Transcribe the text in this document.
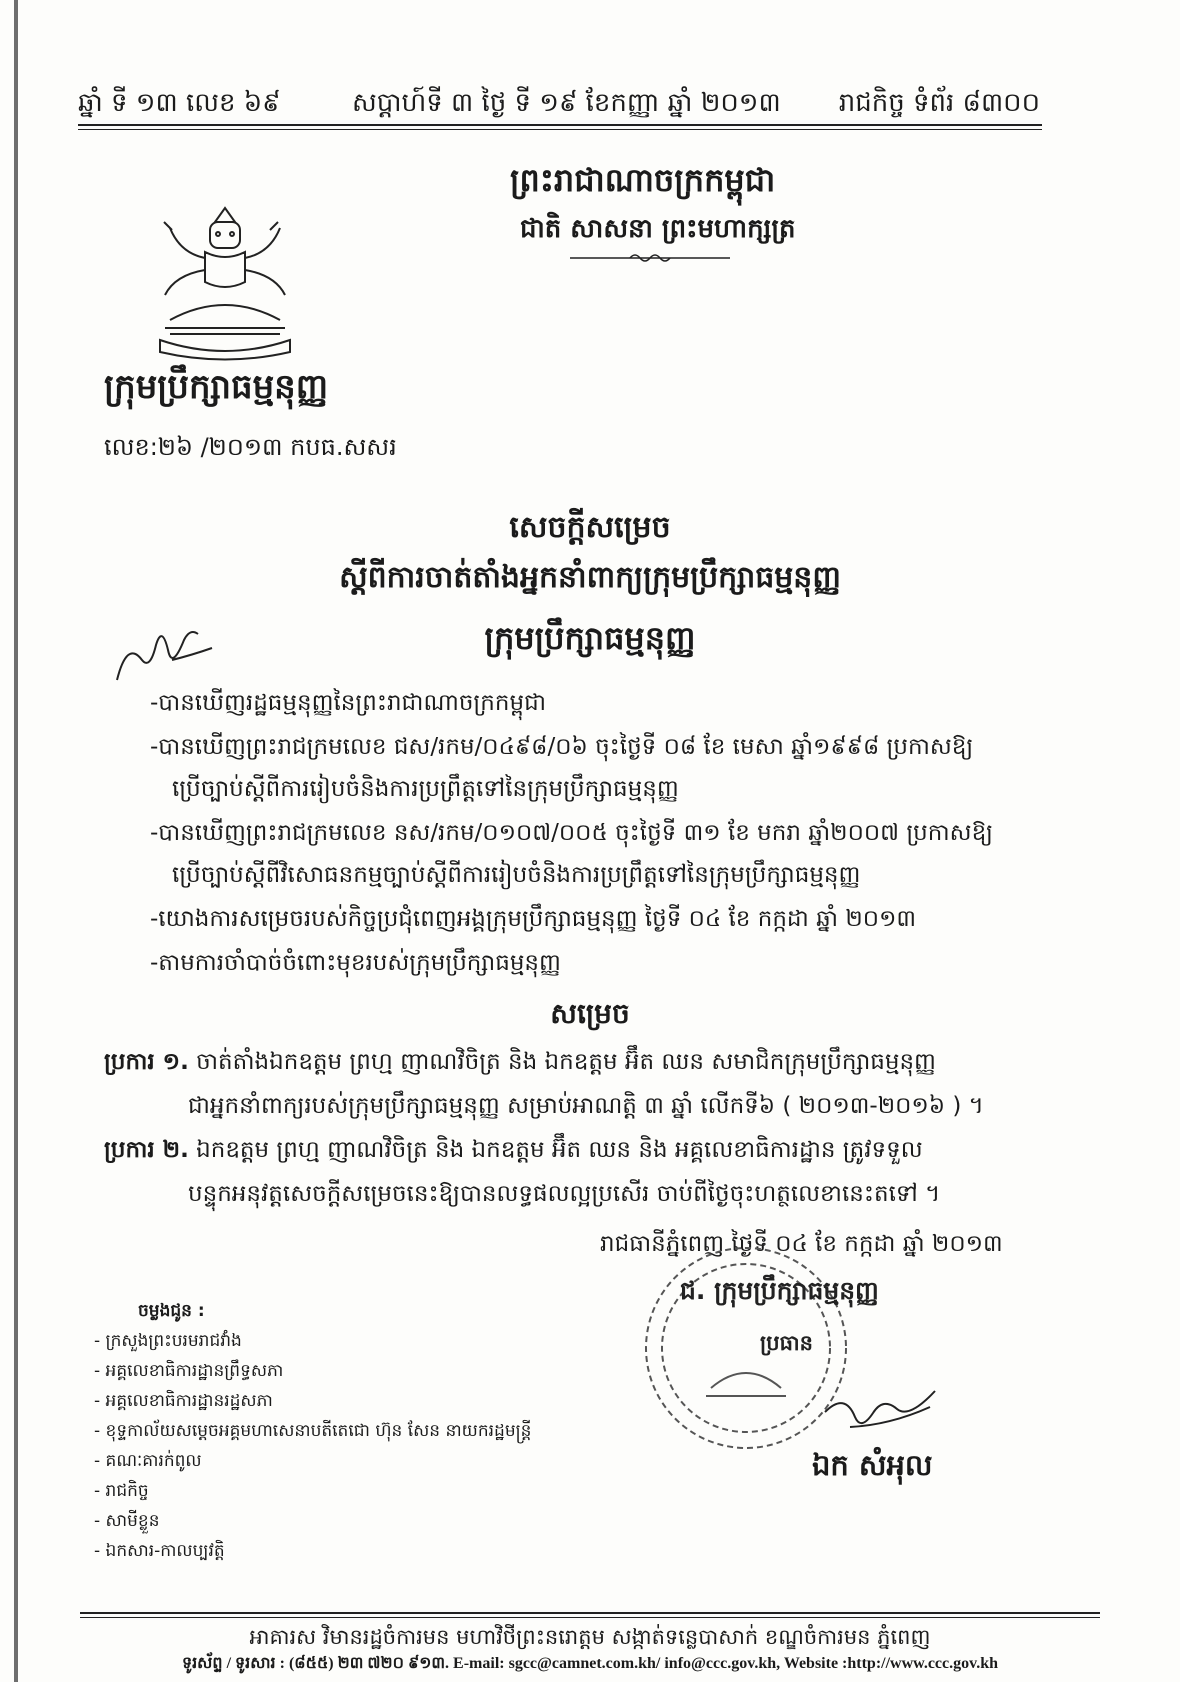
ឆ្នាំ ទី ១៣ លេខ ៦៩	សប្តាហ៍ទី ៣ ថ្ងៃ ទី ១៩ ខែកញ្ញា ឆ្នាំ ២០១៣ រាជកិច្ច ទំព័រ ៨៣០០
ព្រះរាជាណាចក្រកម្ពុជា
ជាតិ សាសនា ព្រះមហាក្សត្រ
ក្រុមប្រឹក្សាធម្មនុញ្ញ
លេខ:២៦ /២០១៣ កបធ.សសរ
សេចក្តីសម្រេច
ស្តីពីការចាត់តាំងអ្នកនាំពាក្យក្រុមប្រឹក្សាធម្មនុញ្ញ
ក្រុមប្រឹក្សាធម្មនុញ្ញ
-បានឃើញរដ្ឋធម្មនុញ្ញនៃព្រះរាជាណាចក្រកម្ពុជា
-បានឃើញព្រះរាជក្រមលេខ ជស/រកម/០៤៩៨/០៦ ចុះថ្ងៃទី ០៨ ខែ មេសា ឆ្នាំ១៩៩៨ ប្រកាសឱ្យ
ប្រើច្បាប់ស្តីពីការរៀបចំនិងការប្រព្រឹត្តទៅនៃក្រុមប្រឹក្សាធម្មនុញ្ញ
-បានឃើញព្រះរាជក្រមលេខ នស/រកម/០១០៧/០០៥ ចុះថ្ងៃទី ៣១ ខែ មករា ឆ្នាំ២០០៧ ប្រកាសឱ្យ
ប្រើច្បាប់ស្តីពីវិសោធនកម្មច្បាប់ស្តីពីការរៀបចំនិងការប្រព្រឹត្តទៅនៃក្រុមប្រឹក្សាធម្មនុញ្ញ
-យោងការសម្រេចរបស់កិច្ចប្រជុំពេញអង្គក្រុមប្រឹក្សាធម្មនុញ្ញ ថ្ងៃទី ០៤ ខែ កក្កដា ឆ្នាំ ២០១៣
-តាមការចាំបាច់ចំពោះមុខរបស់ក្រុមប្រឹក្សាធម្មនុញ្ញ
សម្រេច
ប្រការ ១. ចាត់តាំងឯកឧត្តម ព្រហ្ម ញាណវិចិត្រ និង ឯកឧត្តម អ៊ឹត ឈន សមាជិកក្រុមប្រឹក្សាធម្មនុញ្ញ
ជាអ្នកនាំពាក្យរបស់ក្រុមប្រឹក្សាធម្មនុញ្ញ សម្រាប់អាណត្តិ ៣ ឆ្នាំ លើកទី៦ ( ២០១៣-២០១៦ ) ។
ប្រការ ២. ឯកឧត្តម ព្រហ្ម ញាណវិចិត្រ និង ឯកឧត្តម អ៊ឹត ឈន និង អគ្គលេខាធិការដ្ឋាន ត្រូវទទួល
បន្ទុកអនុវត្តសេចក្តីសម្រេចនេះឱ្យបានលទ្ធផលល្អប្រសើរ ចាប់ពីថ្ងៃចុះហត្ថលេខានេះតទៅ ។
រាជធានីភ្នំពេញ ថ្ងៃទី ០៤ ខែ កក្កដា ឆ្នាំ ២០១៣
ជ. ក្រុមប្រឹក្សាធម្មនុញ្ញ
ប្រធាន
ឯក សំអុល
ចម្លងជូន :
- ក្រសួងព្រះបរមរាជវាំង
- អគ្គលេខាធិការដ្ឋានព្រឹទ្ធសភា
- អគ្គលេខាធិការដ្ឋានរដ្ឋសភា
- ខុទ្ទកាល័យសម្តេចអគ្គមហាសេនាបតីតេជោ ហ៊ុន សែន នាយករដ្ឋមន្ត្រី
- គណៈគារក់ពូល
- រាជកិច្ច
- សាមីខ្លួន
- ឯកសារ-កាលប្បវត្តិ
អាគារស វិមានរដ្ឋចំការមន មហាវិថីព្រះនរោត្តម សង្កាត់ទន្លេបាសាក់ ខណ្ឌចំការមន ភ្នំពេញ
ទូរស័ព្ទ / ទូរសារ : (៨៥៥) ២៣ ៧២០ ៩១៣. E-mail: sgcc@camnet.com.kh/ info@ccc.gov.kh, Website :http://www.ccc.gov.kh
